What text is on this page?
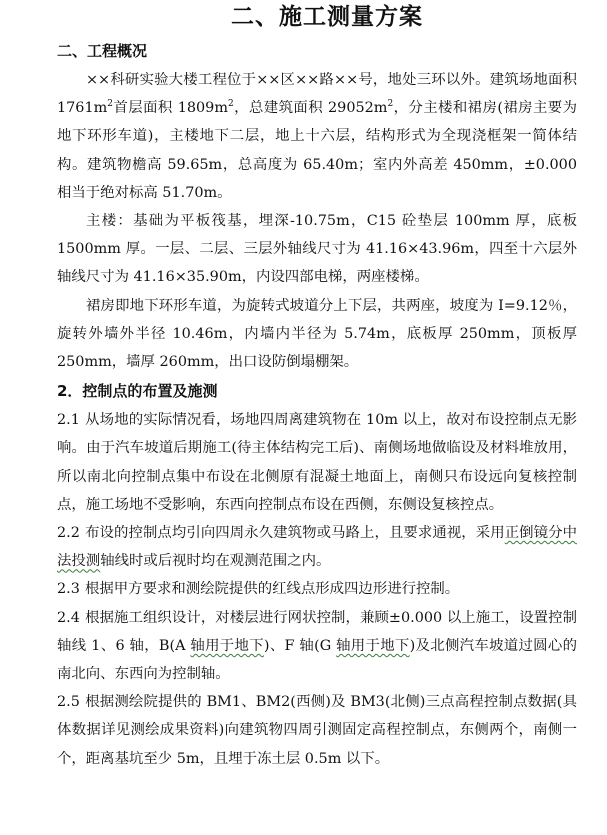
二、施工测量方案

二、工程概况

××科研实验大楼工程位于××区××路××号，地处三环以外。建筑场地面积 $1761m^2$首层面积 $1809m^2$，总建筑面积 $29052m^2$，分主楼和裙房(裙房主要为地下环形车道)，主楼地下二层，地上十六层，结构形式为全现浇框架一简体结构。建筑物檐高 59.65m，总高度为 65.40m；室内外高差 450mm，±0.000 相当于绝对标高 51.70m。

主楼：基础为平板筏基，埋深-10.75m，C15 砼垫层 100mm 厚，底板 1500mm 厚。一层、二层、三层外轴线尺寸为 41.16×43.96m，四至十六层外轴线尺寸为 41.16×35.90m，内设四部电梯，两座楼梯。

裙房即地下环形车道，为旋转式坡道分上下层，共两座，坡度为 I=9.12％，旋转外墙外半径 10.46m，内墙内半径为 5.74m，底板厚 250mm，顶板厚 250mm，墙厚 260mm，出口设防倒塌棚架。

2．控制点的布置及施测

2.1 从场地的实际情况看，场地四周离建筑物在 10m 以上，故对布设控制点无影响。由于汽车坡道后期施工(待主体结构完工后)、南侧场地做临设及材料堆放用，所以南北向控制点集中布设在北侧原有混凝土地面上，南侧只布设远向复核控制点，施工场地不受影响，东西向控制点布设在西侧，东侧设复核控点。

2.2 布设的控制点均引向四周永久建筑物或马路上，且要求通视，采用正倒镜分中法投测轴线时或后视时均在观测范围之内。

2.3 根据甲方要求和测绘院提供的红线点形成四边形进行控制。

2.4 根据施工组织设计，对楼层进行网状控制，兼顾±0.000 以上施工，设置控制轴线 1、6 轴，B(A 轴用于地下)、F 轴(G 轴用于地下)及北侧汽车坡道过圆心的南北向、东西向为控制轴。

2.5 根据测绘院提供的 BM1、BM2(西侧)及 BM3(北侧)三点高程控制点数据(具体数据详见测绘成果资料)向建筑物四周引测固定高程控制点，东侧两个，南侧一个，距离基坑至少 5m，且埋于冻土层 0.5m 以下。
